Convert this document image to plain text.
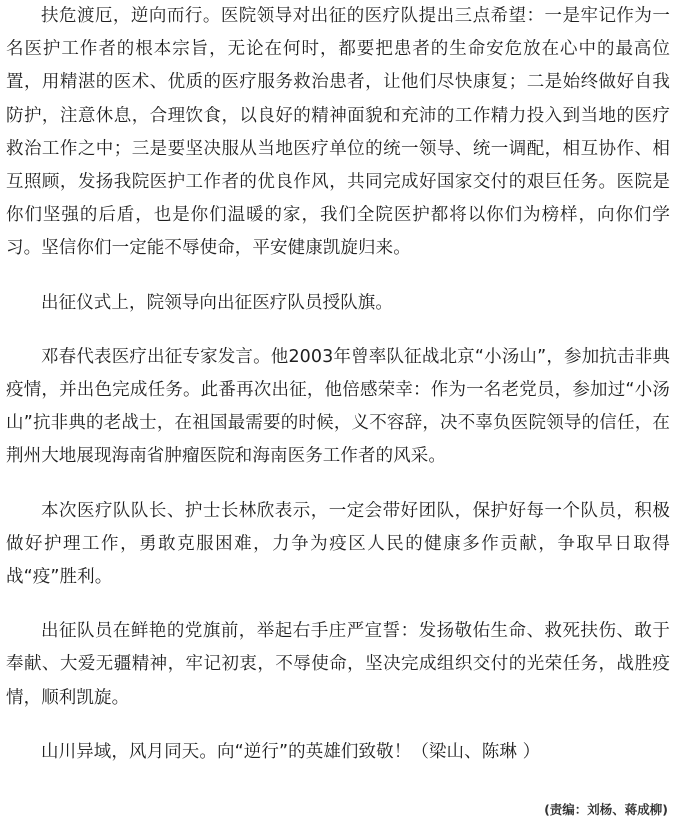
扶危渡厄，逆向而行。医院领导对出征的医疗队提出三点希望：一是牢记作为一名医护工作者的根本宗旨，无论在何时，都要把患者的生命安危放在心中的最高位置，用精湛的医术、优质的医疗服务救治患者，让他们尽快康复；二是始终做好自我防护，注意休息，合理饮食，以良好的精神面貌和充沛的工作精力投入到当地的医疗救治工作之中；三是要坚决服从当地医疗单位的统一领导、统一调配，相互协作、相互照顾，发扬我院医护工作者的优良作风，共同完成好国家交付的艰巨任务。医院是你们坚强的后盾，也是你们温暖的家，我们全院医护都将以你们为榜样，向你们学习。坚信你们一定能不辱使命，平安健康凯旋归来。

出征仪式上，院领导向出征医疗队员授队旗。

邓春代表医疗出征专家发言。他2003年曾率队征战北京“小汤山”，参加抗击非典疫情，并出色完成任务。此番再次出征，他倍感荣幸：作为一名老党员，参加过“小汤山”抗非典的老战士，在祖国最需要的时候，义不容辞，决不辜负医院领导的信任，在荆州大地展现海南省肿瘤医院和海南医务工作者的风采。

本次医疗队队长、护士长林欣表示，一定会带好团队，保护好每一个队员，积极做好护理工作，勇敢克服困难，力争为疫区人民的健康多作贡献，争取早日取得战“疫”胜利。

出征队员在鲜艳的党旗前，举起右手庄严宣誓：发扬敬佑生命、救死扶伤、敢于奉献、大爱无疆精神，牢记初衷，不辱使命，坚决完成组织交付的光荣任务，战胜疫情，顺利凯旋。

山川异域，风月同天。向“逆行”的英雄们致敬！（梁山、陈琳 ）

(责编：刘杨、蒋成柳)
